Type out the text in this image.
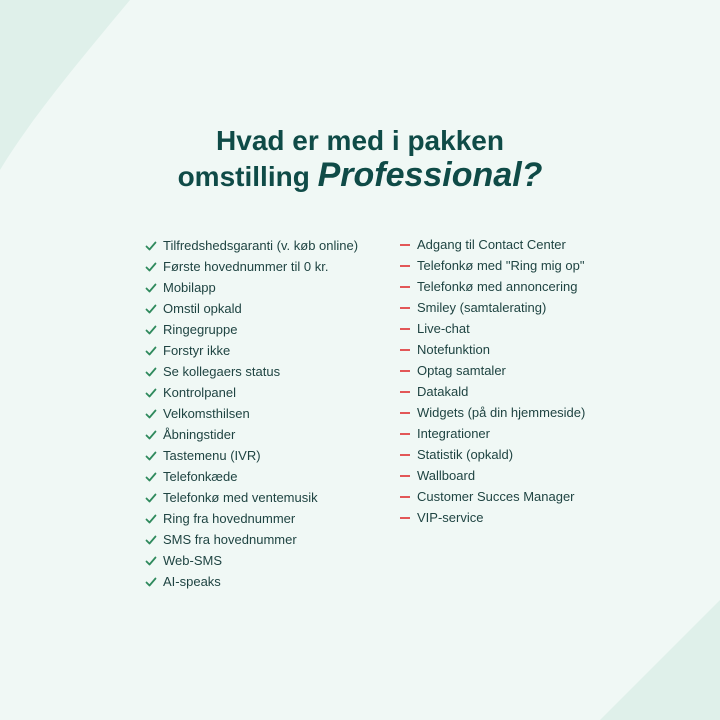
Hvad er med i pakken
omstilling Professional?
Tilfredshedsgaranti (v. køb online)
Første hovednummer til 0 kr.
Mobilapp
Omstil opkald
Ringegruppe
Forstyr ikke
Se kollegaers status
Kontrolpanel
Velkomsthilsen
Åbningstider
Tastemenu (IVR)
Telefonkæde
Telefonkø med ventemusik
Ring fra hovednummer
SMS fra hovednummer
Web-SMS
AI-speaks
Adgang til Contact Center
Telefonkø med "Ring mig op"
Telefonkø med annoncering
Smiley (samtalerating)
Live-chat
Notefunktion
Optag samtaler
Datakald
Widgets (på din hjemmeside)
Integrationer
Statistik (opkald)
Wallboard
Customer Succes Manager
VIP-service
